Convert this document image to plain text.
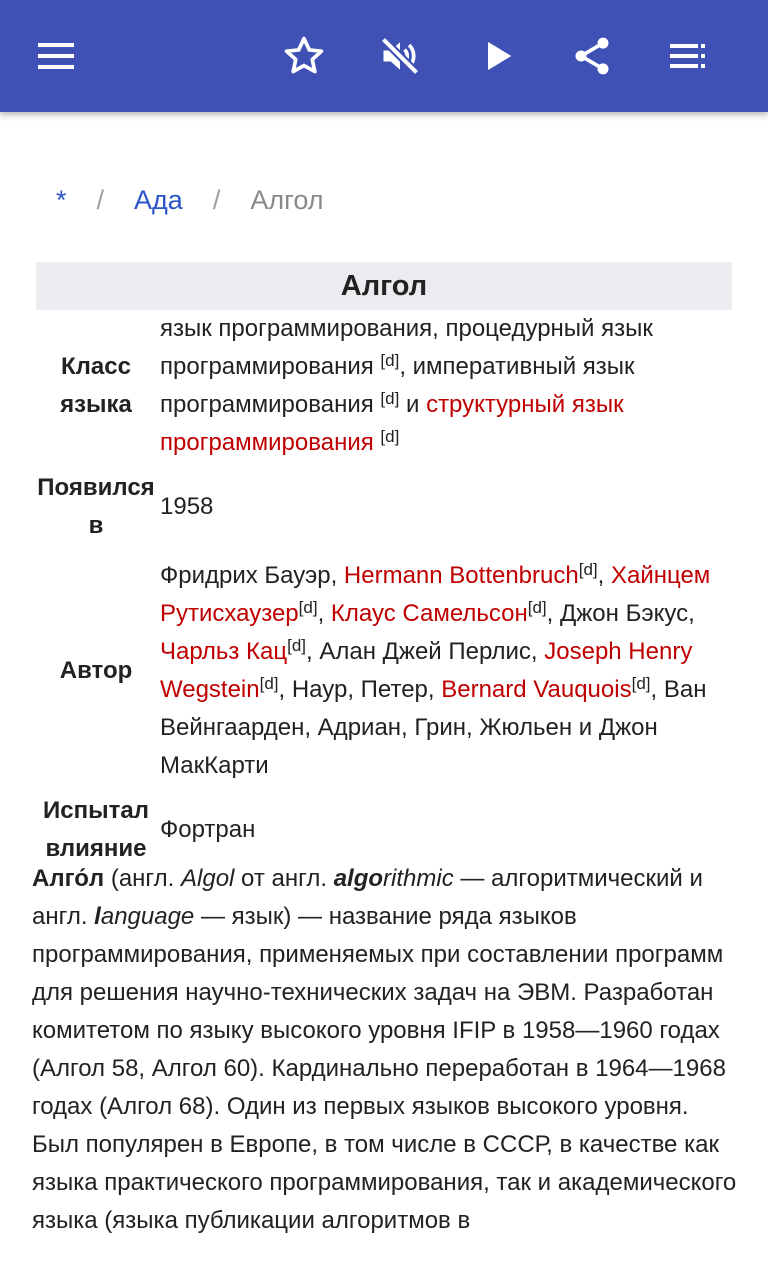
* / Ада / Алгол
Алгол
Класс языка	язык программирования, процедурный язык программирования [d], императивный язык программирования [d] и структурный язык программирования [d]
Появился в	1958
Автор	Фридрих Бауэр, Hermann Bottenbruch[d], Хайнцем Рутисхаузер[d], Клаус Самельсон[d], Джон Бэкус, Чарльз Кац[d], Алан Джей Перлис, Joseph Henry Wegstein[d], Наур, Петер, Bernard Vauquois[d], Ван Вейнгаарден, Адриан, Грин, Жюльен и Джон МакКарти
Испытал влияние	Фортран
Алго́л (англ. Algol от англ. algorithmic — алгоритмический и англ. language — язык) — название ряда языков программирования, применяемых при составлении программ для решения научно-технических задач на ЭВМ. Разработан комитетом по языку высокого уровня IFIP в 1958—1960 годах (Алгол 58, Алгол 60). Кардинально переработан в 1964—1968 годах (Алгол 68). Один из первых языков высокого уровня. Был популярен в Европе, в том числе в СССР, в качестве как языка практического программирования, так и академического языка (языка публикации алгоритмов в
